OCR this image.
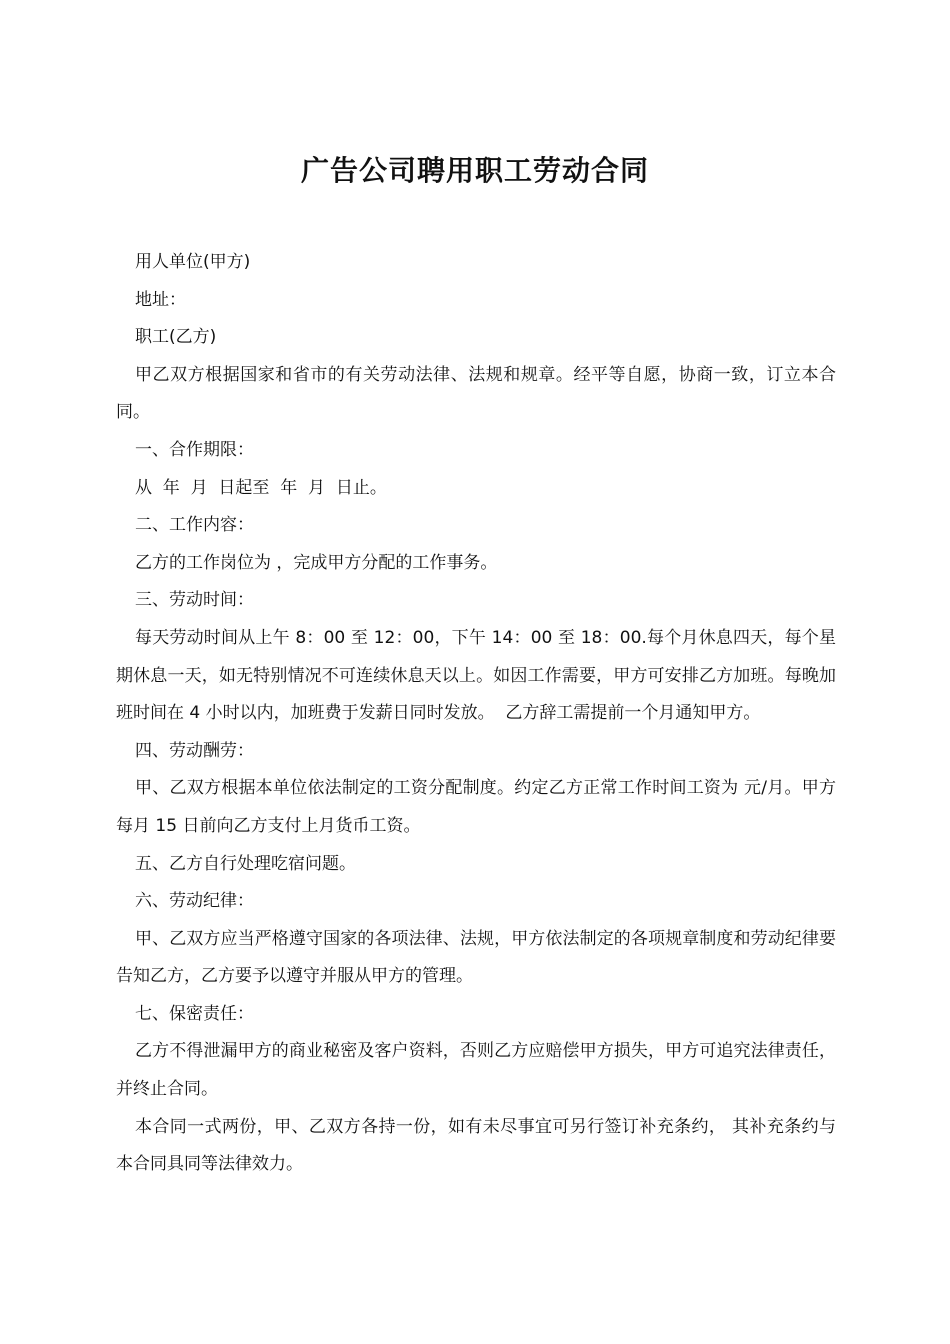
广告公司聘用职工劳动合同

用人单位(甲方)

地址：

职工(乙方)

甲乙双方根据国家和省市的有关劳动法律、法规和规章。经平等自愿，协商一致，订立本合同。

一、合作期限：

从  年  月  日起至  年  月  日止。

二、工作内容：

乙方的工作岗位为 ，完成甲方分配的工作事务。

三、劳动时间：

每天劳动时间从上午 8：00 至 12：00，下午 14：00 至 18：00.每个月休息四天，每个星期休息一天，如无特别情况不可连续休息天以上。如因工作需要，甲方可安排乙方加班。每晚加班时间在 4 小时以内，加班费于发薪日同时发放。  乙方辞工需提前一个月通知甲方。

四、劳动酬劳：

甲、乙双方根据本单位依法制定的工资分配制度。约定乙方正常工作时间工资为 元/月。甲方每月 15 日前向乙方支付上月货币工资。

五、乙方自行处理吃宿问题。

六、劳动纪律：

甲、乙双方应当严格遵守国家的各项法律、法规，甲方依法制定的各项规章制度和劳动纪律要告知乙方，乙方要予以遵守并服从甲方的管理。

七、保密责任：

乙方不得泄漏甲方的商业秘密及客户资料，否则乙方应赔偿甲方损失，甲方可追究法律责任，并终止合同。

本合同一式两份，甲、乙双方各持一份，如有未尽事宜可另行签订补充条约， 其补充条约与本合同具同等法律效力。
